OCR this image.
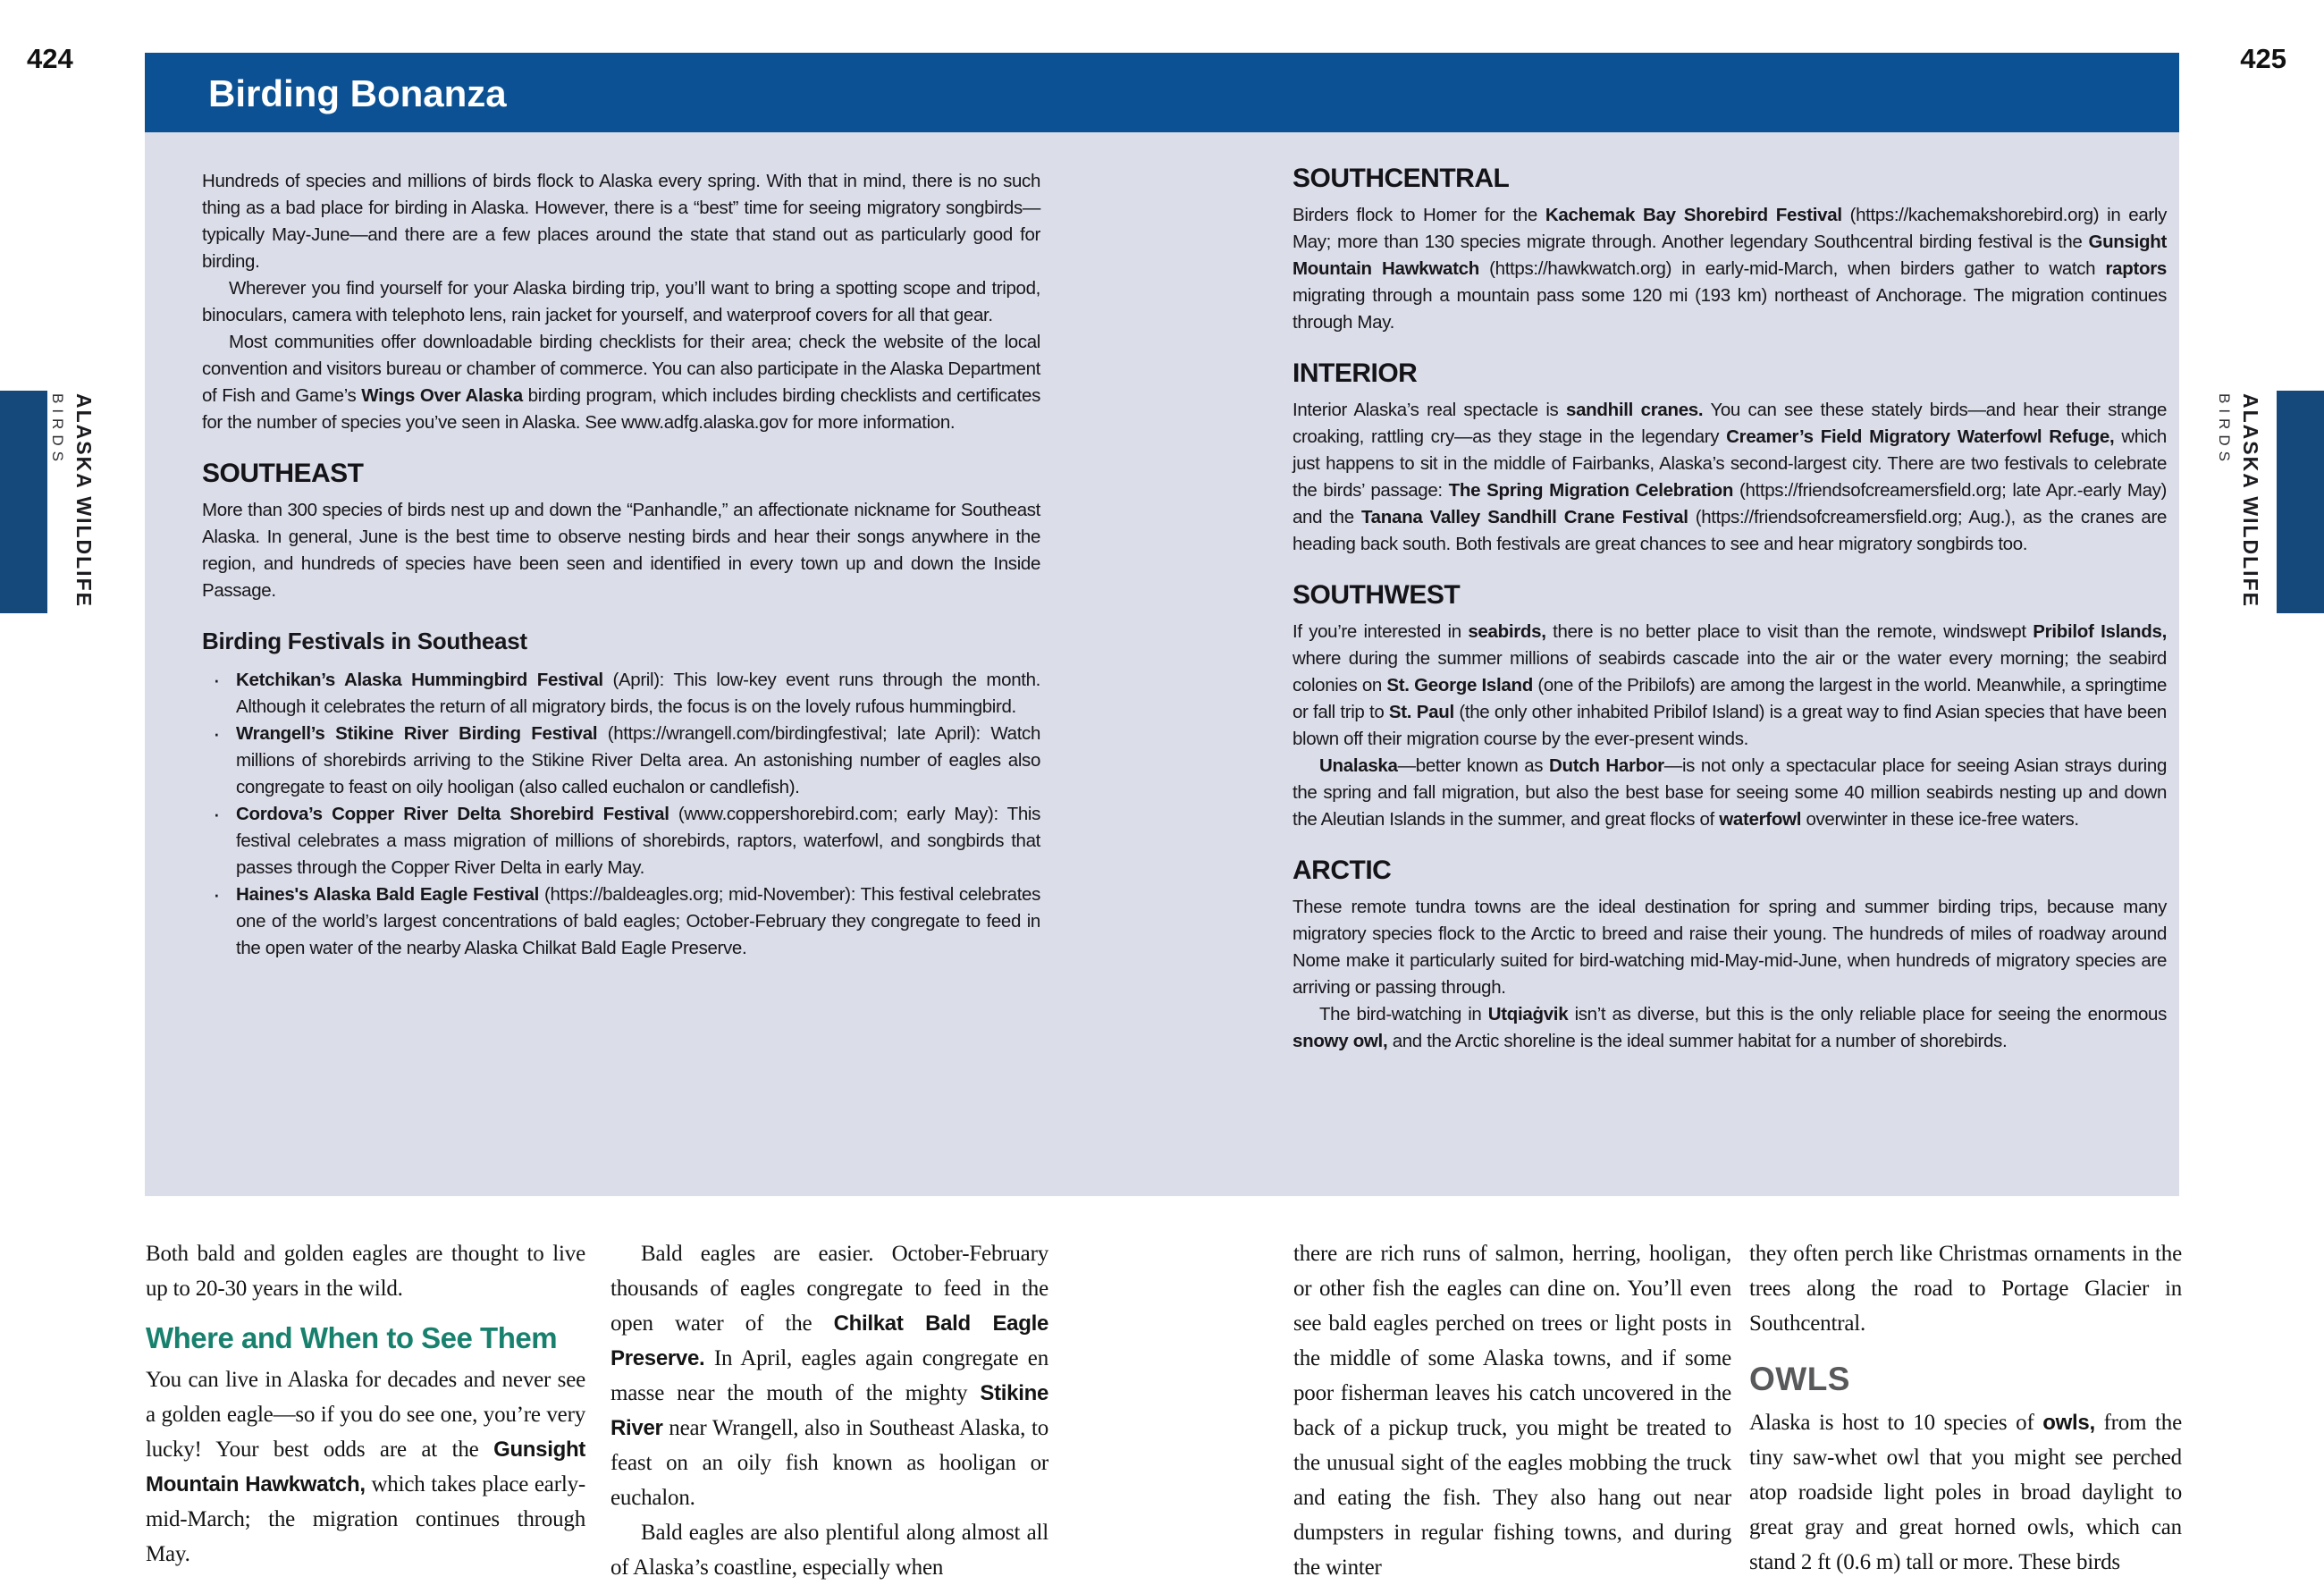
424	425
Birding Bonanza
Hundreds of species and millions of birds flock to Alaska every spring. With that in mind, there is no such thing as a bad place for birding in Alaska. However, there is a “best” time for seeing migratory songbirds—typically May-June—and there are a few places around the state that stand out as particularly good for birding.
Wherever you find yourself for your Alaska birding trip, you’ll want to bring a spotting scope and tripod, binoculars, camera with telephoto lens, rain jacket for yourself, and waterproof covers for all that gear.
Most communities offer downloadable birding checklists for their area; check the website of the local convention and visitors bureau or chamber of commerce. You can also participate in the Alaska Department of Fish and Game’s Wings Over Alaska birding program, which includes birding checklists and certificates for the number of species you’ve seen in Alaska. See www.adfg.alaska.gov for more information.
SOUTHEAST
More than 300 species of birds nest up and down the “Panhandle,” an affectionate nickname for Southeast Alaska. In general, June is the best time to observe nesting birds and hear their songs anywhere in the region, and hundreds of species have been seen and identified in every town up and down the Inside Passage.
Birding Festivals in Southeast
· Ketchikan’s Alaska Hummingbird Festival (April): This low-key event runs through the month. Although it celebrates the return of all migratory birds, the focus is on the lovely rufous hummingbird.
· Wrangell’s Stikine River Birding Festival (https://wrangell.com/birdingfestival; late April): Watch millions of shorebirds arriving to the Stikine River Delta area. An astonishing number of eagles also congregate to feast on oily hooligan (also called euchalon or candlefish).
· Cordova’s Copper River Delta Shorebird Festival (www.coppershorebird.com; early May): This festival celebrates a mass migration of millions of shorebirds, raptors, waterfowl, and songbirds that passes through the Copper River Delta in early May.
· Haines's Alaska Bald Eagle Festival (https://baldeagles.org; mid-November): This festival celebrates one of the world’s largest concentrations of bald eagles; October-February they congregate to feed in the open water of the nearby Alaska Chilkat Bald Eagle Preserve.
SOUTHCENTRAL
Birders flock to Homer for the Kachemak Bay Shorebird Festival (https://kachemakshorebird.org) in early May; more than 130 species migrate through. Another legendary Southcentral birding festival is the Gunsight Mountain Hawkwatch (https://hawkwatch.org) in early-mid-March, when birders gather to watch raptors migrating through a mountain pass some 120 mi (193 km) northeast of Anchorage. The migration continues through May.
INTERIOR
Interior Alaska’s real spectacle is sandhill cranes. You can see these stately birds—and hear their strange croaking, rattling cry—as they stage in the legendary Creamer’s Field Migratory Waterfowl Refuge, which just happens to sit in the middle of Fairbanks, Alaska’s second-largest city. There are two festivals to celebrate the birds’ passage: The Spring Migration Celebration (https://friendsofcreamersfield.org; late Apr.-early May) and the Tanana Valley Sandhill Crane Festival (https://friendsofcreamersfield.org; Aug.), as the cranes are heading back south. Both festivals are great chances to see and hear migratory songbirds too.
SOUTHWEST
If you’re interested in seabirds, there is no better place to visit than the remote, windswept Pribilof Islands, where during the summer millions of seabirds cascade into the air or the water every morning; the seabird colonies on St. George Island (one of the Pribilofs) are among the largest in the world. Meanwhile, a springtime or fall trip to St. Paul (the only other inhabited Pribilof Island) is a great way to find Asian species that have been blown off their migration course by the ever-present winds.
Unalaska—better known as Dutch Harbor—is not only a spectacular place for seeing Asian strays during the spring and fall migration, but also the best base for seeing some 40 million seabirds nesting up and down the Aleutian Islands in the summer, and great flocks of waterfowl overwinter in these ice-free waters.
ARCTIC
These remote tundra towns are the ideal destination for spring and summer birding trips, because many migratory species flock to the Arctic to breed and raise their young. The hundreds of miles of roadway around Nome make it particularly suited for bird-watching mid-May-mid-June, when hundreds of migratory species are arriving or passing through.
The bird-watching in Utqiaġvik isn’t as diverse, but this is the only reliable place for seeing the enormous snowy owl, and the Arctic shoreline is the ideal summer habitat for a number of shorebirds.
ALASKA WILDLIFE
BIRDS	ALASKA WILDLIFE
BIRDS
Both bald and golden eagles are thought to live up to 20-30 years in the wild.
Where and When to See Them
You can live in Alaska for decades and never see a golden eagle—so if you do see one, you’re very lucky! Your best odds are at the Gunsight Mountain Hawkwatch, which takes place early-mid-March; the migration continues through May.
Bald eagles are easier. October-February thousands of eagles congregate to feed in the open water of the Chilkat Bald Eagle Preserve. In April, eagles again congregate en masse near the mouth of the mighty Stikine River near Wrangell, also in Southeast Alaska, to feast on an oily fish known as hooligan or euchalon.
Bald eagles are also plentiful along almost all of Alaska’s coastline, especially when
there are rich runs of salmon, herring, hooligan, or other fish the eagles can dine on. You’ll even see bald eagles perched on trees or light posts in the middle of some Alaska towns, and if some poor fisherman leaves his catch uncovered in the back of a pickup truck, you might be treated to the unusual sight of the eagles mobbing the truck and eating the fish. They also hang out near dumpsters in regular fishing towns, and during the winter
they often perch like Christmas ornaments in the trees along the road to Portage Glacier in Southcentral.
OWLS
Alaska is host to 10 species of owls, from the tiny saw-whet owl that you might see perched atop roadside light poles in broad daylight to great gray and great horned owls, which can stand 2 ft (0.6 m) tall or more. These birds
